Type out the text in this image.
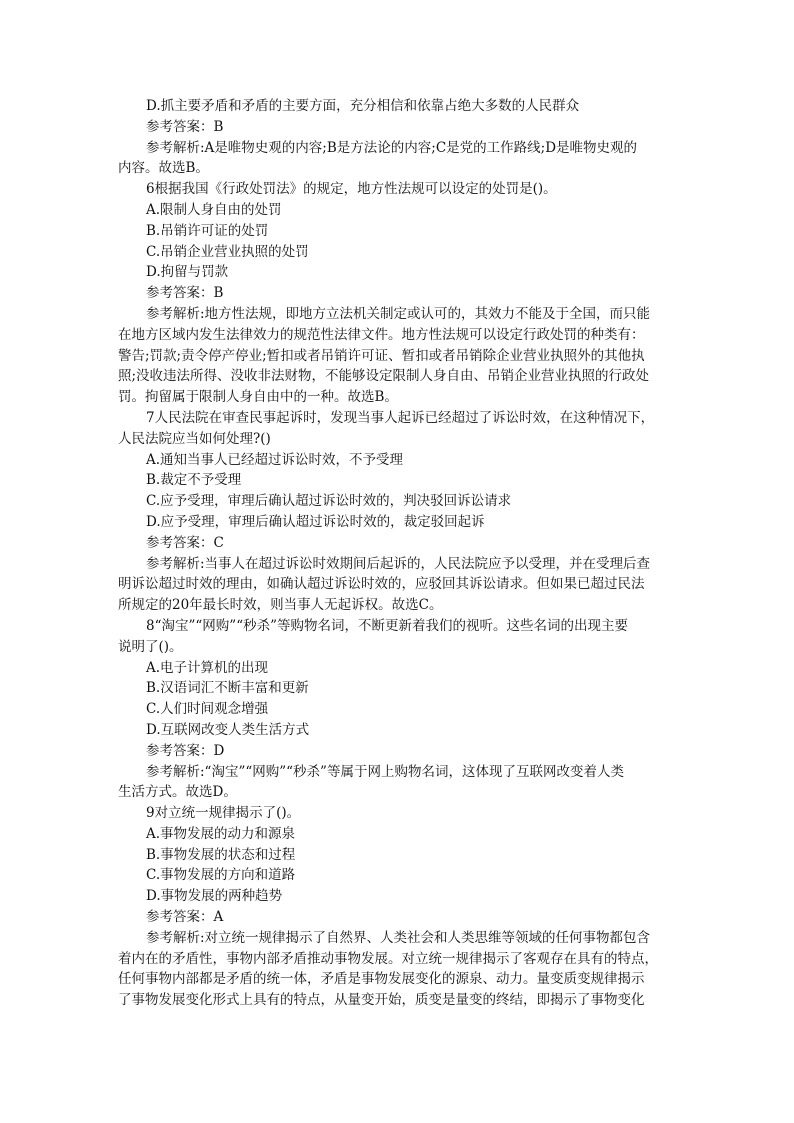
D.抓主要矛盾和矛盾的主要方面，充分相信和依靠占绝大多数的人民群众
参考答案：B
参考解析:A是唯物史观的内容;B是方法论的内容;C是党的工作路线;D是唯物史观的
内容。故选B。
6根据我国《行政处罚法》的规定，地方性法规可以设定的处罚是()。
A.限制人身自由的处罚
B.吊销许可证的处罚
C.吊销企业营业执照的处罚
D.拘留与罚款
参考答案：B
参考解析:地方性法规，即地方立法机关制定或认可的，其效力不能及于全国，而只能
在地方区域内发生法律效力的规范性法律文件。地方性法规可以设定行政处罚的种类有：
警告;罚款;责令停产停业;暂扣或者吊销许可证、暂扣或者吊销除企业营业执照外的其他执
照;没收违法所得、没收非法财物，不能够设定限制人身自由、吊销企业营业执照的行政处
罚。拘留属于限制人身自由中的一种。故选B。
7人民法院在审查民事起诉时，发现当事人起诉已经超过了诉讼时效，在这种情况下，
人民法院应当如何处理?()
A.通知当事人已经超过诉讼时效，不予受理
B.裁定不予受理
C.应予受理，审理后确认超过诉讼时效的，判决驳回诉讼请求
D.应予受理，审理后确认超过诉讼时效的，裁定驳回起诉
参考答案：C
参考解析:当事人在超过诉讼时效期间后起诉的，人民法院应予以受理，并在受理后查
明诉讼超过时效的理由，如确认超过诉讼时效的，应驳回其诉讼请求。但如果已超过民法
所规定的20年最长时效，则当事人无起诉权。故选C。
8“淘宝”“网购”“秒杀”等购物名词，不断更新着我们的视听。这些名词的出现主要
说明了()。
A.电子计算机的出现
B.汉语词汇不断丰富和更新
C.人们时间观念增强
D.互联网改变人类生活方式
参考答案：D
参考解析:“淘宝”“网购”“秒杀”等属于网上购物名词，这体现了互联网改变着人类
生活方式。故选D。
9对立统一规律揭示了()。
A.事物发展的动力和源泉
B.事物发展的状态和过程
C.事物发展的方向和道路
D.事物发展的两种趋势
参考答案：A
参考解析:对立统一规律揭示了自然界、人类社会和人类思维等领域的任何事物都包含
着内在的矛盾性，事物内部矛盾推动事物发展。对立统一规律揭示了客观存在具有的特点，
任何事物内部都是矛盾的统一体，矛盾是事物发展变化的源泉、动力。量变质变规律揭示
了事物发展变化形式上具有的特点，从量变开始，质变是量变的终结，即揭示了事物变化
